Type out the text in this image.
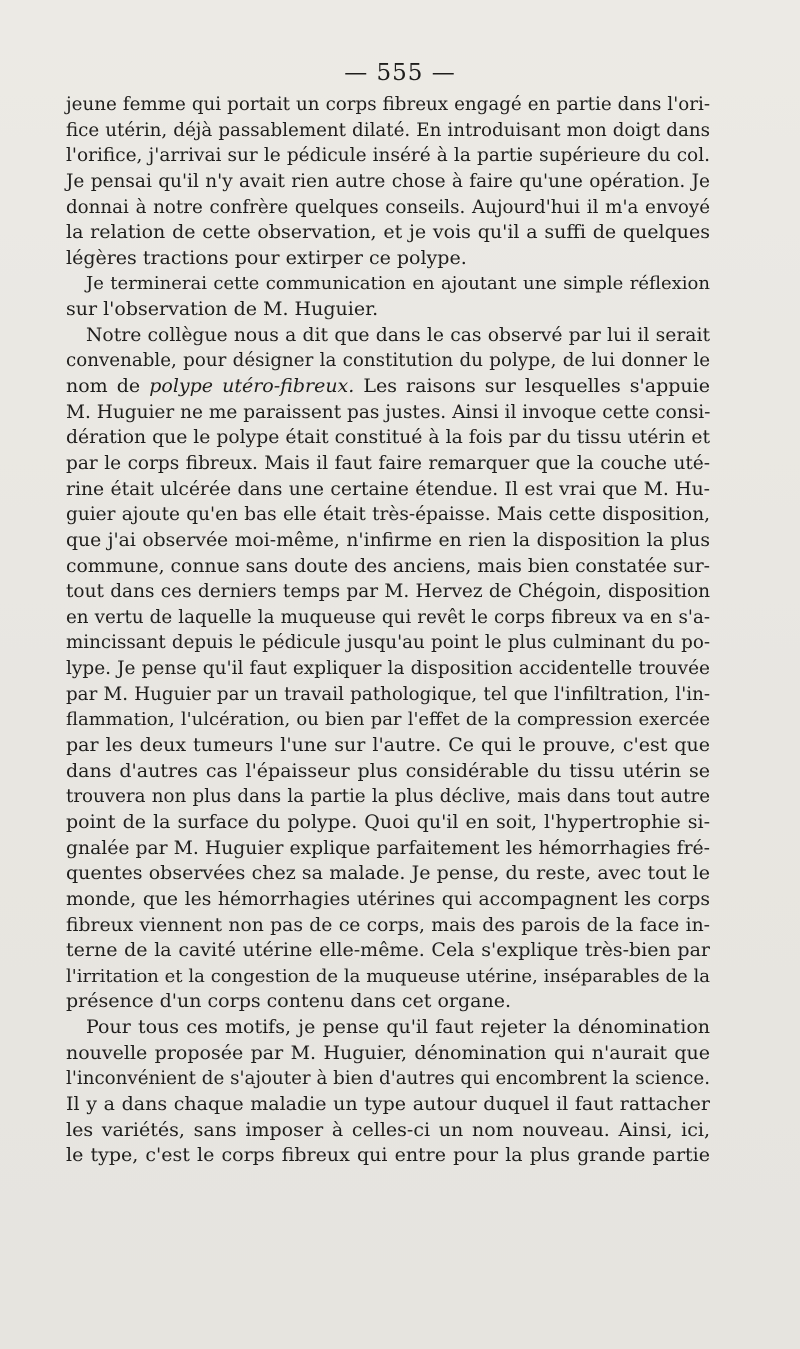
— 555 —
jeune femme qui portait un corps fibreux engagé en partie dans l'ori-
fice utérin, déjà passablement dilaté. En introduisant mon doigt dans
l'orifice, j'arrivai sur le pédicule inséré à la partie supérieure du col.
Je pensai qu'il n'y avait rien autre chose à faire qu'une opération. Je
donnai à notre confrère quelques conseils. Aujourd'hui il m'a envoyé
la relation de cette observation, et je vois qu'il a suffi de quelques
légères tractions pour extirper ce polype.
Je terminerai cette communication en ajoutant une simple réflexion
sur l'observation de M. Huguier.
Notre collègue nous a dit que dans le cas observé par lui il serait
convenable, pour désigner la constitution du polype, de lui donner le
nom de polype utéro-fibreux. Les raisons sur lesquelles s'appuie
M. Huguier ne me paraissent pas justes. Ainsi il invoque cette consi-
dération que le polype était constitué à la fois par du tissu utérin et
par le corps fibreux. Mais il faut faire remarquer que la couche uté-
rine était ulcérée dans une certaine étendue. Il est vrai que M. Hu-
guier ajoute qu'en bas elle était très-épaisse. Mais cette disposition,
que j'ai observée moi-même, n'infirme en rien la disposition la plus
commune, connue sans doute des anciens, mais bien constatée sur-
tout dans ces derniers temps par M. Hervez de Chégoin, disposition
en vertu de laquelle la muqueuse qui revêt le corps fibreux va en s'a-
mincissant depuis le pédicule jusqu'au point le plus culminant du po-
lype. Je pense qu'il faut expliquer la disposition accidentelle trouvée
par M. Huguier par un travail pathologique, tel que l'infiltration, l'in-
flammation, l'ulcération, ou bien par l'effet de la compression exercée
par les deux tumeurs l'une sur l'autre. Ce qui le prouve, c'est que
dans d'autres cas l'épaisseur plus considérable du tissu utérin se
trouvera non plus dans la partie la plus déclive, mais dans tout autre
point de la surface du polype. Quoi qu'il en soit, l'hypertrophie si-
gnalée par M. Huguier explique parfaitement les hémorrhagies fré-
quentes observées chez sa malade. Je pense, du reste, avec tout le
monde, que les hémorrhagies utérines qui accompagnent les corps
fibreux viennent non pas de ce corps, mais des parois de la face in-
terne de la cavité utérine elle-même. Cela s'explique très-bien par
l'irritation et la congestion de la muqueuse utérine, inséparables de la
présence d'un corps contenu dans cet organe.
Pour tous ces motifs, je pense qu'il faut rejeter la dénomination
nouvelle proposée par M. Huguier, dénomination qui n'aurait que
l'inconvénient de s'ajouter à bien d'autres qui encombrent la science.
Il y a dans chaque maladie un type autour duquel il faut rattacher
les variétés, sans imposer à celles-ci un nom nouveau. Ainsi, ici,
le type, c'est le corps fibreux qui entre pour la plus grande partie
